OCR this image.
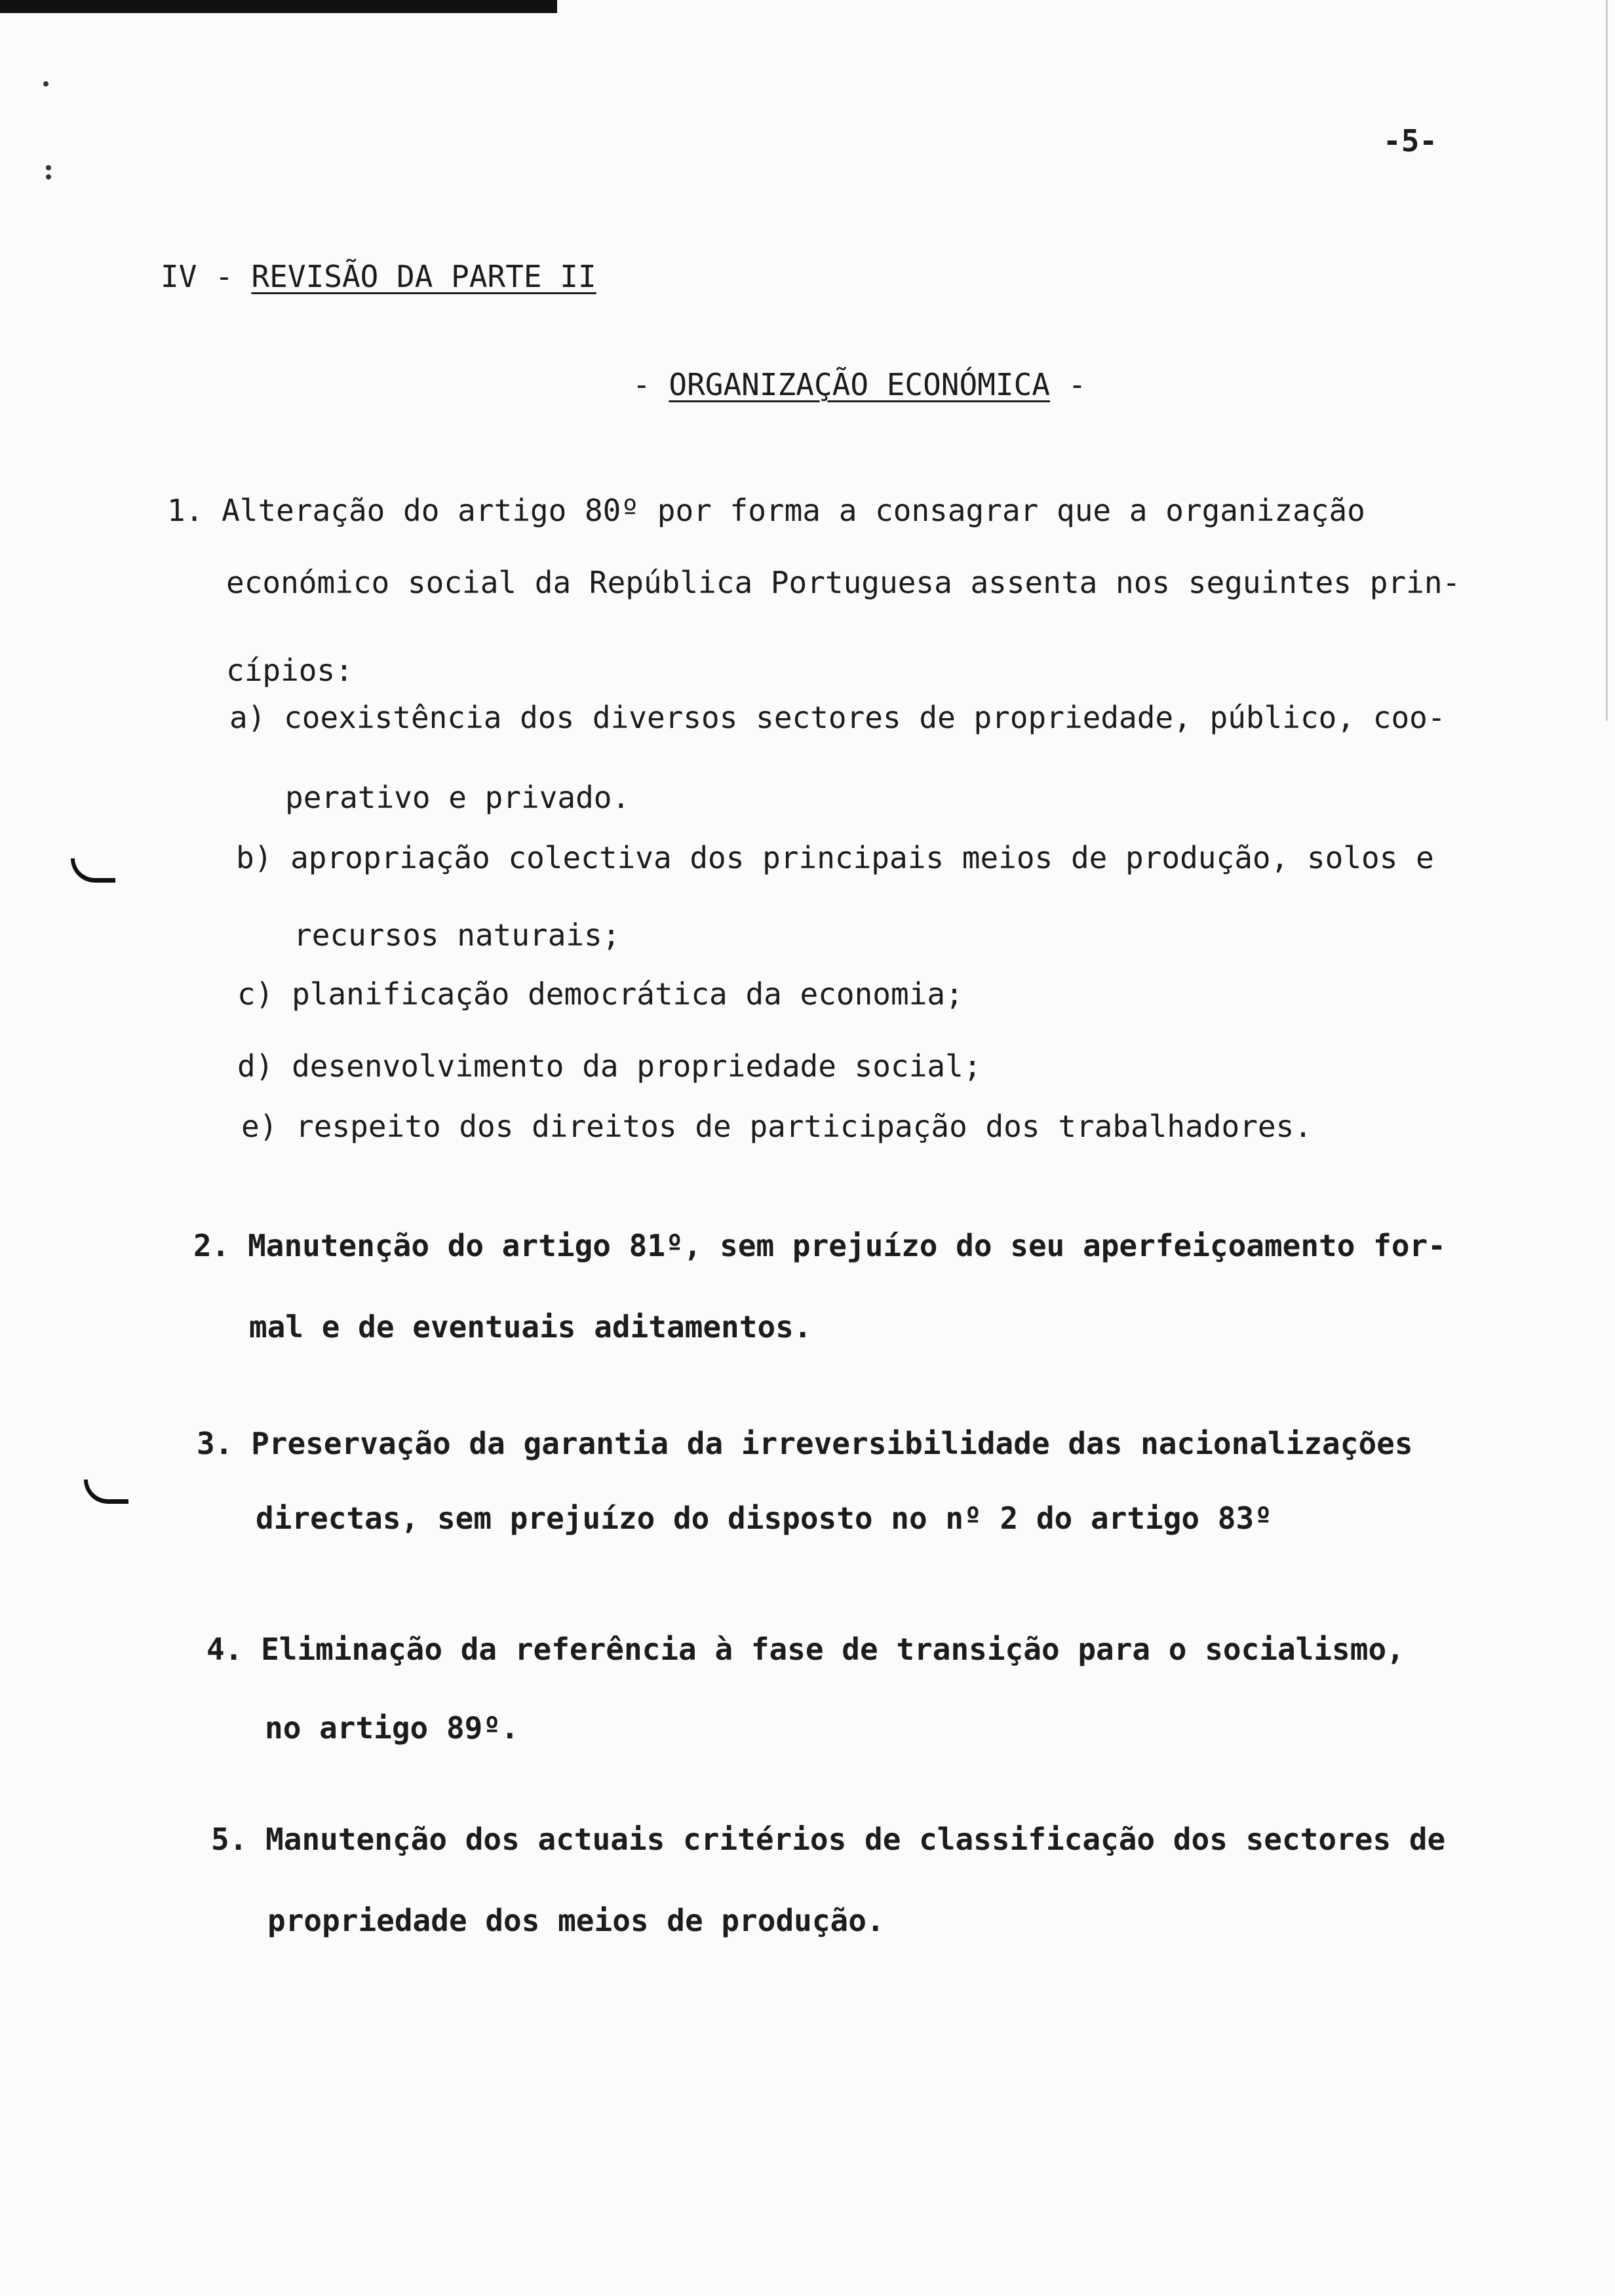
-5-
IV - REVISÃO DA PARTE II
- ORGANIZAÇÃO ECONÓMICA -
1. Alteração do artigo 80º por forma a consagrar que a organização
económico social da República Portuguesa assenta nos seguintes prin-
cípios:
a) coexistência dos diversos sectores de propriedade, público, coo-
perativo e privado.
b) apropriação colectiva dos principais meios de produção, solos e
recursos naturais;
c) planificação democrática da economia;
d) desenvolvimento da propriedade social;
e) respeito dos direitos de participação dos trabalhadores.
2. Manutenção do artigo 81º, sem prejuízo do seu aperfeiçoamento for-
mal e de eventuais aditamentos.
3. Preservação da garantia da irreversibilidade das nacionalizações
directas, sem prejuízo do disposto no nº 2 do artigo 83º
4. Eliminação da referência à fase de transição para o socialismo,
no artigo 89º.
5. Manutenção dos actuais critérios de classificação dos sectores de
propriedade dos meios de produção.
